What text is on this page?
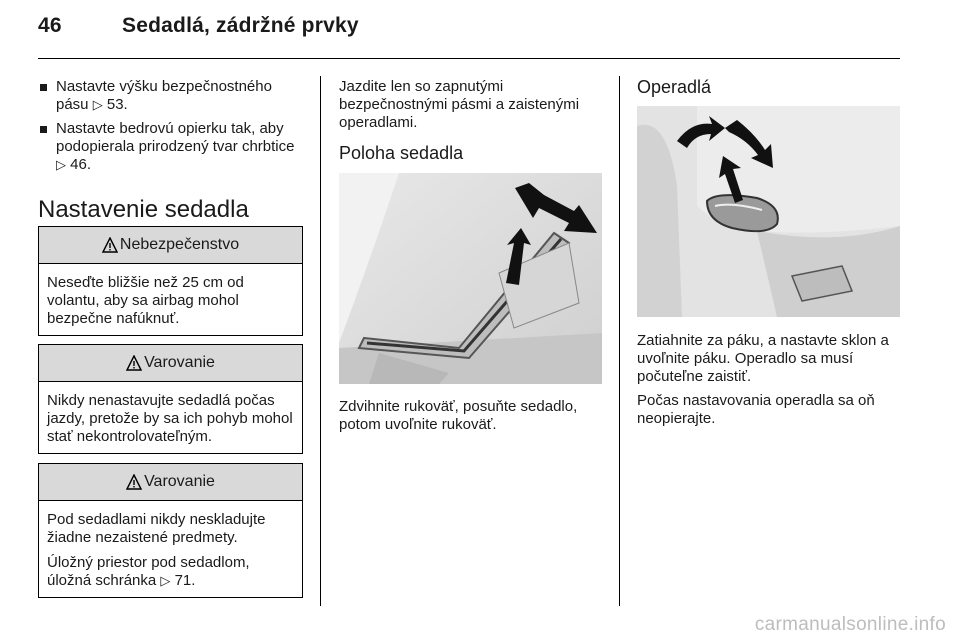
46	Sedadlá, zádržné prvky
Nastavte výšku bezpečnostného pásu ▷ 53.
Nastavte bedrovú opierku tak, aby podopierala prirodzený tvar chrbtice ▷ 46.
Nastavenie sedadla
Nebezpečenstvo

Neseďte bližšie než 25 cm od volantu, aby sa airbag mohol bezpečne nafúknuť.

Varovanie

Nikdy nenastavujte sedadlá počas jazdy, pretože by sa ich pohyb mohol stať nekontrolovateľným.

Varovanie

Pod sedadlami nikdy neskladujte žiadne nezaistené predmety.

Úložný priestor pod sedadlom, úložná schránka ▷ 71.

Jazdite len so zapnutými bezpečnostnými pásmi a zaistenými operadlami.

Poloha sedadla

Zdvihnite rukoväť, posuňte sedadlo, potom uvoľnite rukoväť.

Operadlá

Zatiahnite za páku, a nastavte sklon a uvoľnite páku. Operadlo sa musí počuteľne zaistiť.

Počas nastavovania operadla sa oň neopierajte.

carmanualsonline.info
